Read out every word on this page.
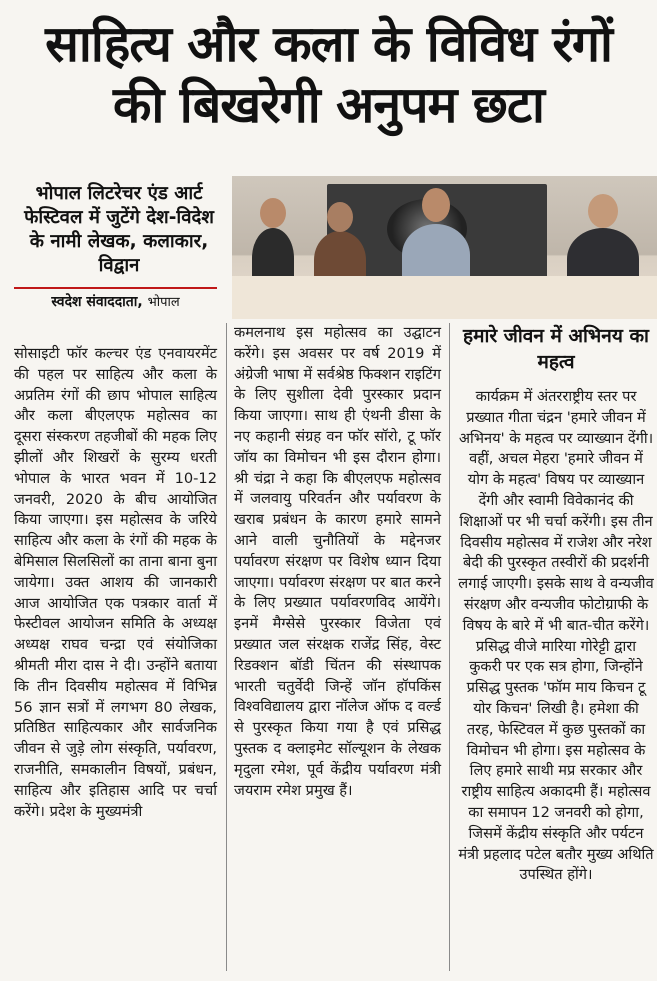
साहित्य और कला के विविध रंगों
की बिखरेगी अनुपम छटा
भोपाल लिटरेचर एंड आर्ट फेस्टिवल में जुटेंगे देश-विदेश के नामी लेखक, कलाकार, विद्वान
स्वदेश संवाददाता, भोपाल
सोसाइटी फॉर कल्चर एंड एनवायरमेंट की पहल पर साहित्य और कला के अप्रतिम रंगों की छाप भोपाल साहित्य और कला बीएलएफ महोत्सव का दूसरा संस्करण तहजीबों की महक लिए झीलों और शिखरों के सुरम्य धरती भोपाल के भारत भवन में 10-12 जनवरी, 2020 के बीच आयोजित किया जाएगा। इस महोत्सव के जरिये साहित्य और कला के रंगों की महक के बेमिसाल सिलसिलों का ताना बाना बुना जायेगा। उक्त आशय की जानकारी आज आयोजित एक पत्रकार वार्ता में फेस्टीवल आयोजन समिति के अध्यक्ष अध्यक्ष राघव चन्द्रा एवं संयोजिका श्रीमती मीरा दास ने दी। उन्होंने बताया कि तीन दिवसीय महोत्सव में विभिन्न 56 ज्ञान सत्रों में लगभग 80 लेखक, प्रतिष्ठित साहित्यकार और सार्वजनिक जीवन से जुड़े लोग संस्कृति, पर्यावरण, राजनीति, समकालीन विषयों, प्रबंधन, साहित्य और इतिहास आदि पर चर्चा करेंगे। प्रदेश के मुख्यमंत्री
कमलनाथ इस महोत्सव का उद्घाटन करेंगे। इस अवसर पर वर्ष 2019 में अंग्रेजी भाषा में सर्वश्रेष्ठ फिक्शन राइटिंग के लिए सुशीला देवी पुरस्कार प्रदान किया जाएगा। साथ ही एंथनी डीसा के नए कहानी संग्रह वन फॉर सॉरो, टू फॉर जॉय का विमोचन भी इस दौरान होगा। श्री चंद्रा ने कहा कि बीएलएफ महोत्सव में जलवायु परिवर्तन और पर्यावरण के खराब प्रबंधन के कारण हमारे सामने आने वाली चुनौतियों के मद्देनजर पर्यावरण संरक्षण पर विशेष ध्यान दिया जाएगा। पर्यावरण संरक्षण पर बात करने के लिए प्रख्यात पर्यावरणविद आयेंगे। इनमें मैग्सेसे पुरस्कार विजेता एवं प्रख्यात जल संरक्षक राजेंद्र सिंह, वेस्ट रिडक्शन बॉडी चिंतन की संस्थापक भारती चतुर्वेदी जिन्हें जॉन हॉपकिंस विश्वविद्यालय द्वारा नॉलेज ऑफ द वर्ल्ड से पुरस्कृत किया गया है एवं प्रसिद्ध पुस्तक द क्लाइमेट सॉल्यूशन के लेखक मृदुला रमेश, पूर्व केंद्रीय पर्यावरण मंत्री जयराम रमेश प्रमुख हैं।
हमारे जीवन में अभिनय का महत्व
कार्यक्रम में अंतरराष्ट्रीय स्तर पर प्रख्यात गीता चंद्रन 'हमारे जीवन में अभिनय' के महत्व पर व्याख्यान देंगी। वहीं, अचल मेहरा 'हमारे जीवन में योग के महत्व' विषय पर व्याख्यान देंगी और स्वामी विवेकानंद की शिक्षाओं पर भी चर्चा करेंगी। इस तीन दिवसीय महोत्सव में राजेश और नरेश बेदी की पुरस्कृत तस्वीरों की प्रदर्शनी लगाई जाएगी। इसके साथ वे वन्यजीव संरक्षण और वन्यजीव फोटोग्राफी के विषय के बारे में भी बात-चीत करेंगे। प्रसिद्ध वीजे मारिया गोरेट्टी द्वारा कुकरी पर एक सत्र होगा, जिन्होंने प्रसिद्ध पुस्तक 'फॉम माय किचन टू योर किचन' लिखी है। हमेशा की तरह, फेस्टिवल में कुछ पुस्तकों का विमोचन भी होगा। इस महोत्सव के लिए हमारे साथी मप्र सरकार और राष्ट्रीय साहित्य अकादमी हैं। महोत्सव का समापन 12 जनवरी को होगा, जिसमें केंद्रीय संस्कृति और पर्यटन मंत्री प्रहलाद पटेल बतौर मुख्य अथिति उपस्थित होंगे।
